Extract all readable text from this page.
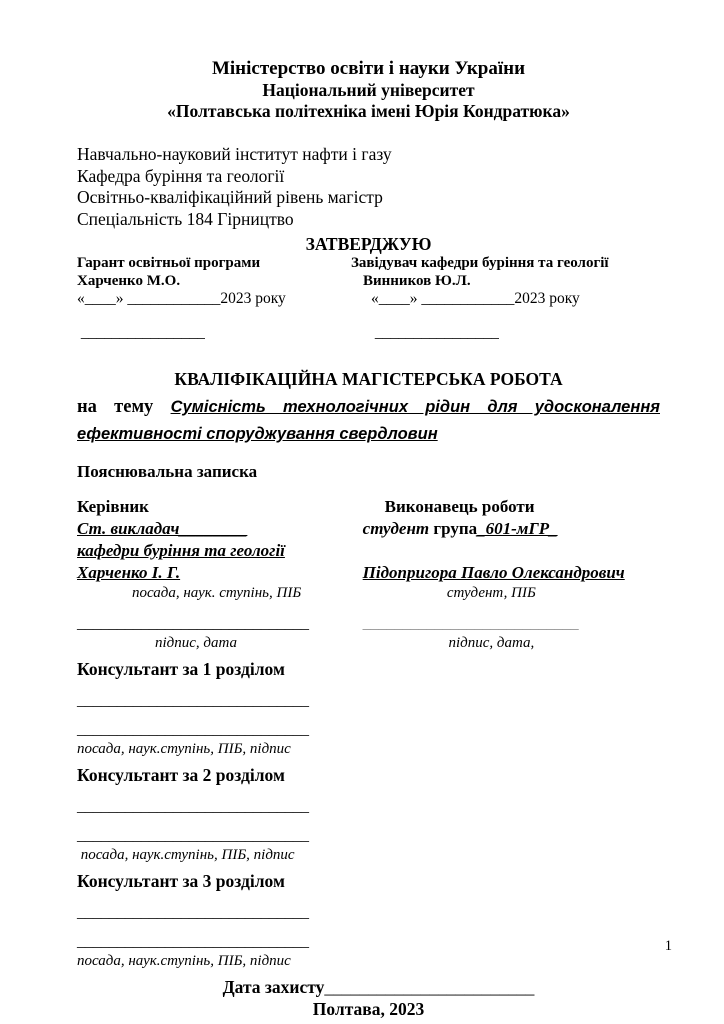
Міністерство освіти і науки України
Національний університет
«Полтавська політехніка імені Юрія Кондратюка»
Навчально-науковий інститут нафти і газу
Кафедра буріння та геології
Освітньо-кваліфікаційний рівень магістр
Спеціальність 184 Гірництво
ЗАТВЕРДЖУЮ
Гарант освітньої програми
Харченко М.О.
«____» ____________2023 року
________________
Завідувач кафедри буріння та геології
Винников Ю.Л.
«____» ____________2023 року
________________
КВАЛІФІКАЦІЙНА МАГІСТЕРСЬКА РОБОТА
на тему Сумісність технологічних рідин для удосконалення ефективності споруджування свердловин
Пояснювальна записка
Керівник
Ст. викладач________
кафедри буріння та геології
Харченко І. Г.
посада, наук. ступінь, ПІБ
_____________________________
підпис, дата
Виконавець роботи
студент група_601-мГР_
Підопригора Павло Олександрович
студент, ПІБ
___________________________
підпис, дата,
Консультант за 1 розділом
_____________________________
_____________________________
посада, наук.ступінь, ПІБ, підпис
Консультант за 2 розділом
_____________________________
_____________________________
посада, наук.ступінь, ПІБ, підпис
Консультант за 3 розділом
_____________________________
_____________________________
посада, наук.ступінь, ПІБ, підпис
Дата захисту________________________
Полтава, 2023
1
